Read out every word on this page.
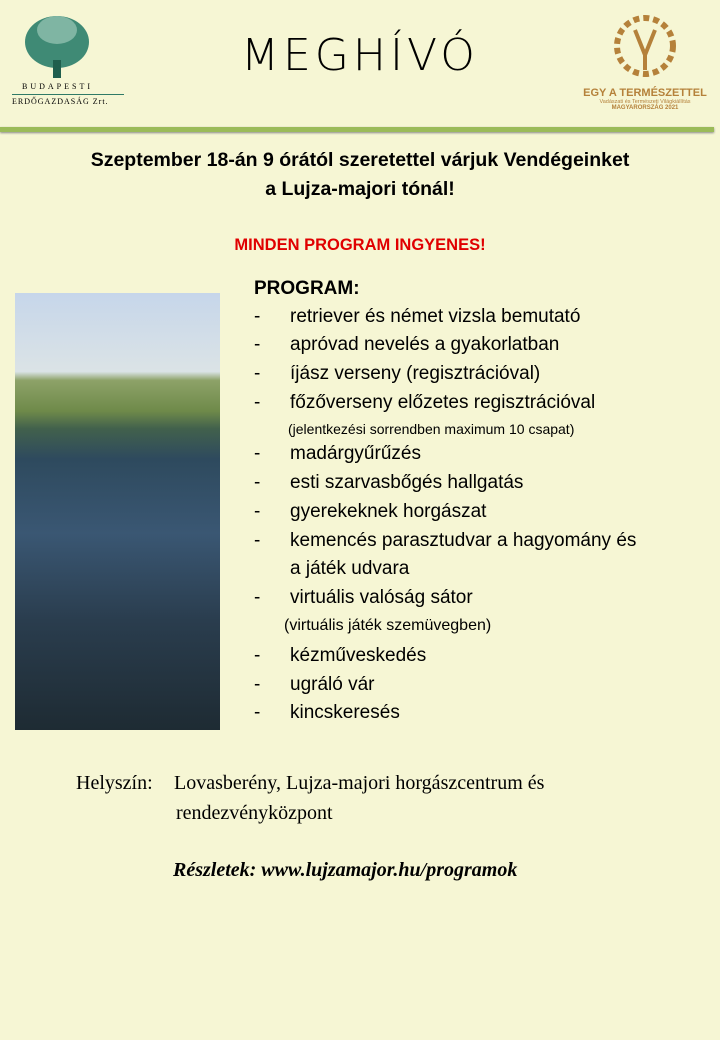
BUDAPESTI
ERDŐGAZDASÁG Zrt.
MEGHÍVÓ
EGY A TERMÉSZETTEL
Vadászati és Természeti Világkiállítás
MAGYARORSZÁG 2021
Szeptember 18-án 9 órától szeretettel várjuk Vendégeinket
a Lujza-majori tónál!
MINDEN PROGRAM INGYENES!
PROGRAM:
- retriever és német vizsla bemutató
- apróvad nevelés a gyakorlatban
- íjász verseny (regisztrációval)
- főzőverseny előzetes regisztrációval
(jelentkezési sorrendben maximum 10 csapat)
- madárgyűrűzés
- esti szarvasbőgés hallgatás
- gyerekeknek horgászat
- kemencés parasztudvar a hagyomány és
a játék udvara
- virtuális valóság sátor
(virtuális játék szemüvegben)
- kézműveskedés
- ugráló vár
- kincskeresés
Helyszín: Lovasberény, Lujza-majori horgászcentrum és
rendezvényközpont
Részletek: www.lujzamajor.hu/programok
